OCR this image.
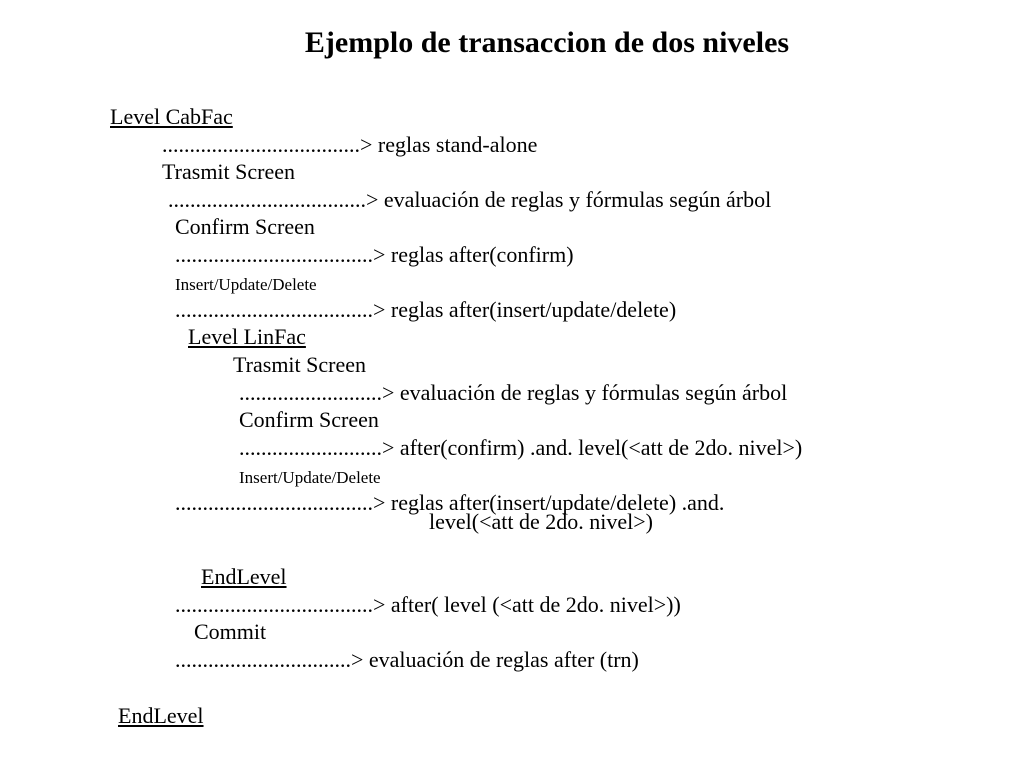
Ejemplo de transaccion de dos niveles
Level CabFac
....................................> reglas stand-alone
Trasmit Screen
....................................> evaluación de reglas y fórmulas según árbol
Confirm Screen
....................................> reglas after(confirm)
Insert/Update/Delete
....................................> reglas after(insert/update/delete)
Level LinFac
Trasmit Screen
..........................> evaluación de reglas y fórmulas según árbol
Confirm Screen
..........................> after(confirm) .and. level(<att de 2do. nivel>)
Insert/Update/Delete
....................................> reglas after(insert/update/delete) .and.
level(<att de 2do. nivel>)
EndLevel
....................................> after( level (<att de 2do. nivel>))
Commit
................................> evaluación de reglas after (trn)
EndLevel
